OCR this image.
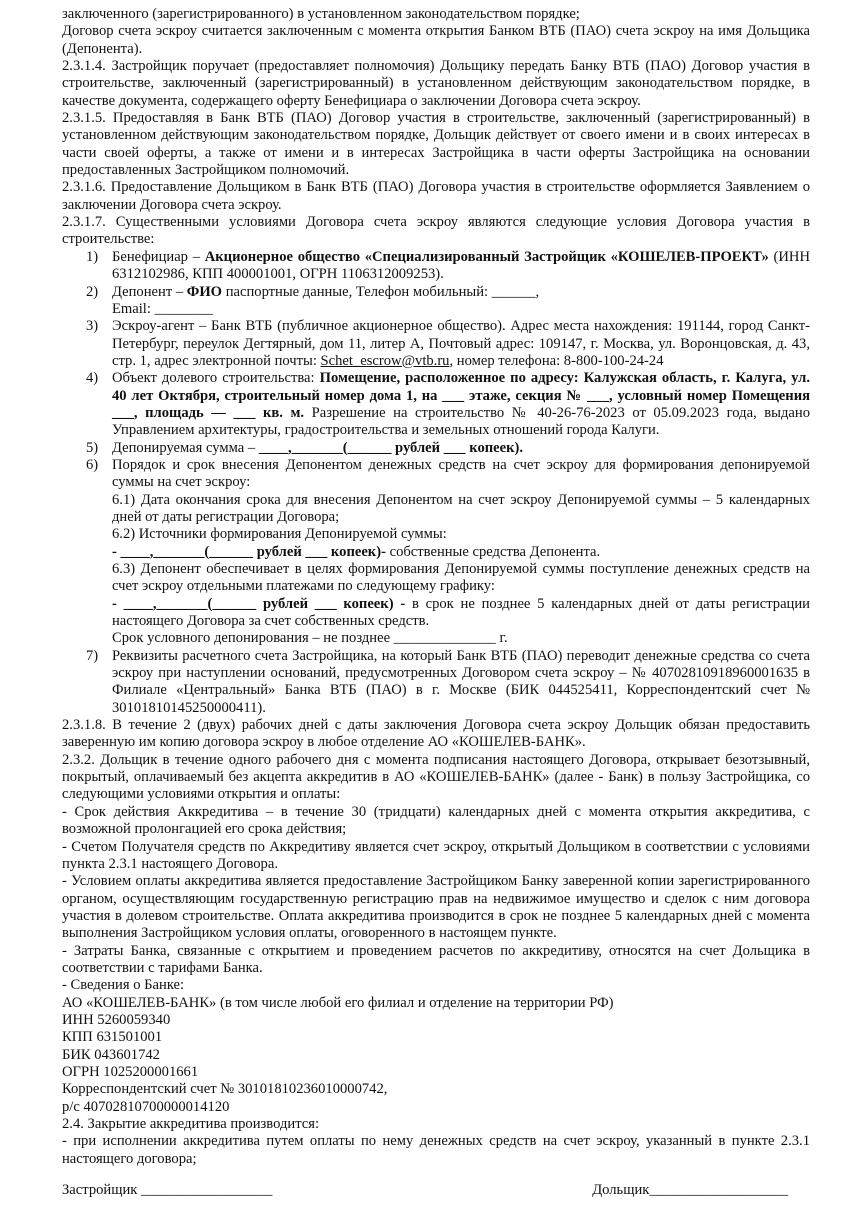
заключенного (зарегистрированного) в установленном законодательством порядке;
Договор счета эскроу считается заключенным с момента открытия Банком ВТБ (ПАО) счета эскроу на имя Дольщика (Депонента).
2.3.1.4. Застройщик поручает (предоставляет полномочия) Дольщику передать Банку ВТБ (ПАО) Договор участия в строительстве, заключенный (зарегистрированный) в установленном действующим законодательством порядке, в качестве документа, содержащего оферту Бенефициара о заключении Договора счета эскроу.
2.3.1.5. Предоставляя в Банк ВТБ (ПАО) Договор участия в строительстве, заключенный (зарегистрированный) в установленном действующим законодательством порядке, Дольщик действует от своего имени и в своих интересах в части своей оферты, а также от имени и в интересах Застройщика в части оферты Застройщика на основании предоставленных Застройщиком полномочий.
2.3.1.6. Предоставление Дольщиком в Банк ВТБ (ПАО) Договора участия в строительстве оформляется Заявлением о заключении Договора счета эскроу.
2.3.1.7. Существенными условиями Договора счета эскроу являются следующие условия Договора участия в строительстве:
1) Бенефициар – Акционерное общество «Специализированный Застройщик «КОШЕЛЕВ-ПРОЕКТ» (ИНН 6312102986, КПП 400001001, ОГРН 1106312009253).
2) Депонент – ФИО паспортные данные, Телефон мобильный: ______,
Email: ________
3) Эскроу-агент – Банк ВТБ (публичное акционерное общество). Адрес места нахождения: 191144, город Санкт-Петербург, переулок Дегтярный, дом 11, литер А, Почтовый адрес: 109147, г. Москва, ул. Воронцовская, д. 43, стр. 1, адрес электронной почты: Schet_escrow@vtb.ru, номер телефона: 8-800-100-24-24
4) Объект долевого строительства: Помещение, расположенное по адресу: Калужская область, г. Калуга, ул. 40 лет Октября, строительный номер дома 1, на ___ этаже, секция № ___, условный номер Помещения ___, площадь — ___ кв. м. Разрешение на строительство № 40-26-76-2023 от 05.09.2023 года, выдано Управлением архитектуры, градостроительства и земельных отношений города Калуги.
5) Депонируемая сумма – ____,_______(______ рублей ___ копеек).
6) Порядок и срок внесения Депонентом денежных средств на счет эскроу для формирования депонируемой суммы на счет эскроу:
6.1) Дата окончания срока для внесения Депонентом на счет эскроу Депонируемой суммы – 5 календарных дней от даты регистрации Договора;
6.2) Источники формирования Депонируемой суммы:
- ____,_______(______ рублей ___ копеек)- собственные средства Депонента.
6.3) Депонент обеспечивает в целях формирования Депонируемой суммы поступление денежных средств на счет эскроу отдельными платежами по следующему графику:
- ____,_______(______ рублей ___ копеек) - в срок не позднее 5 календарных дней от даты регистрации настоящего Договора за счет собственных средств.
Срок условного депонирования – не позднее ______________ г.
7) Реквизиты расчетного счета Застройщика, на который Банк ВТБ (ПАО) переводит денежные средства со счета эскроу при наступлении оснований, предусмотренных Договором счета эскроу – № 40702810918960001635 в Филиале «Центральный» Банка ВТБ (ПАО) в г. Москве (БИК 044525411, Корреспондентский счет № 30101810145250000411).
2.3.1.8. В течение 2 (двух) рабочих дней с даты заключения Договора счета эскроу Дольщик обязан предоставить заверенную им копию договора эскроу в любое отделение АО «КОШЕЛЕВ-БАНК».
2.3.2. Дольщик в течение одного рабочего дня с момента подписания настоящего Договора, открывает безотзывный, покрытый, оплачиваемый без акцепта аккредитив в АО «КОШЕЛЕВ-БАНК» (далее - Банк) в пользу Застройщика, со следующими условиями открытия и оплаты:
- Срок действия Аккредитива – в течение 30 (тридцати) календарных дней с момента открытия аккредитива, с возможной пролонгацией его срока действия;
- Счетом Получателя средств по Аккредитиву является счет эскроу, открытый Дольщиком в соответствии с условиями пункта 2.3.1 настоящего Договора.
- Условием оплаты аккредитива является предоставление Застройщиком Банку заверенной копии зарегистрированного органом, осуществляющим государственную регистрацию прав на недвижимое имущество и сделок с ним договора участия в долевом строительстве. Оплата аккредитива производится в срок не позднее 5 календарных дней с момента выполнения Застройщиком условия оплаты, оговоренного в настоящем пункте.
- Затраты Банка, связанные с открытием и проведением расчетов по аккредитиву, относятся на счет Дольщика в соответствии с тарифами Банка.
- Сведения о Банке:
АО «КОШЕЛЕВ-БАНК» (в том числе любой его филиал и отделение на территории РФ)
ИНН 5260059340
КПП 631501001
БИК 043601742
ОГРН 1025200001661
Корреспондентский счет № 30101810236010000742,
р/с 40702810700000014120
2.4. Закрытие аккредитива производится:
- при исполнении аккредитива путем оплаты по нему денежных средств на счет эскроу, указанный в пункте 2.3.1 настоящего договора;
Застройщик __________________	Дольщик___________________
